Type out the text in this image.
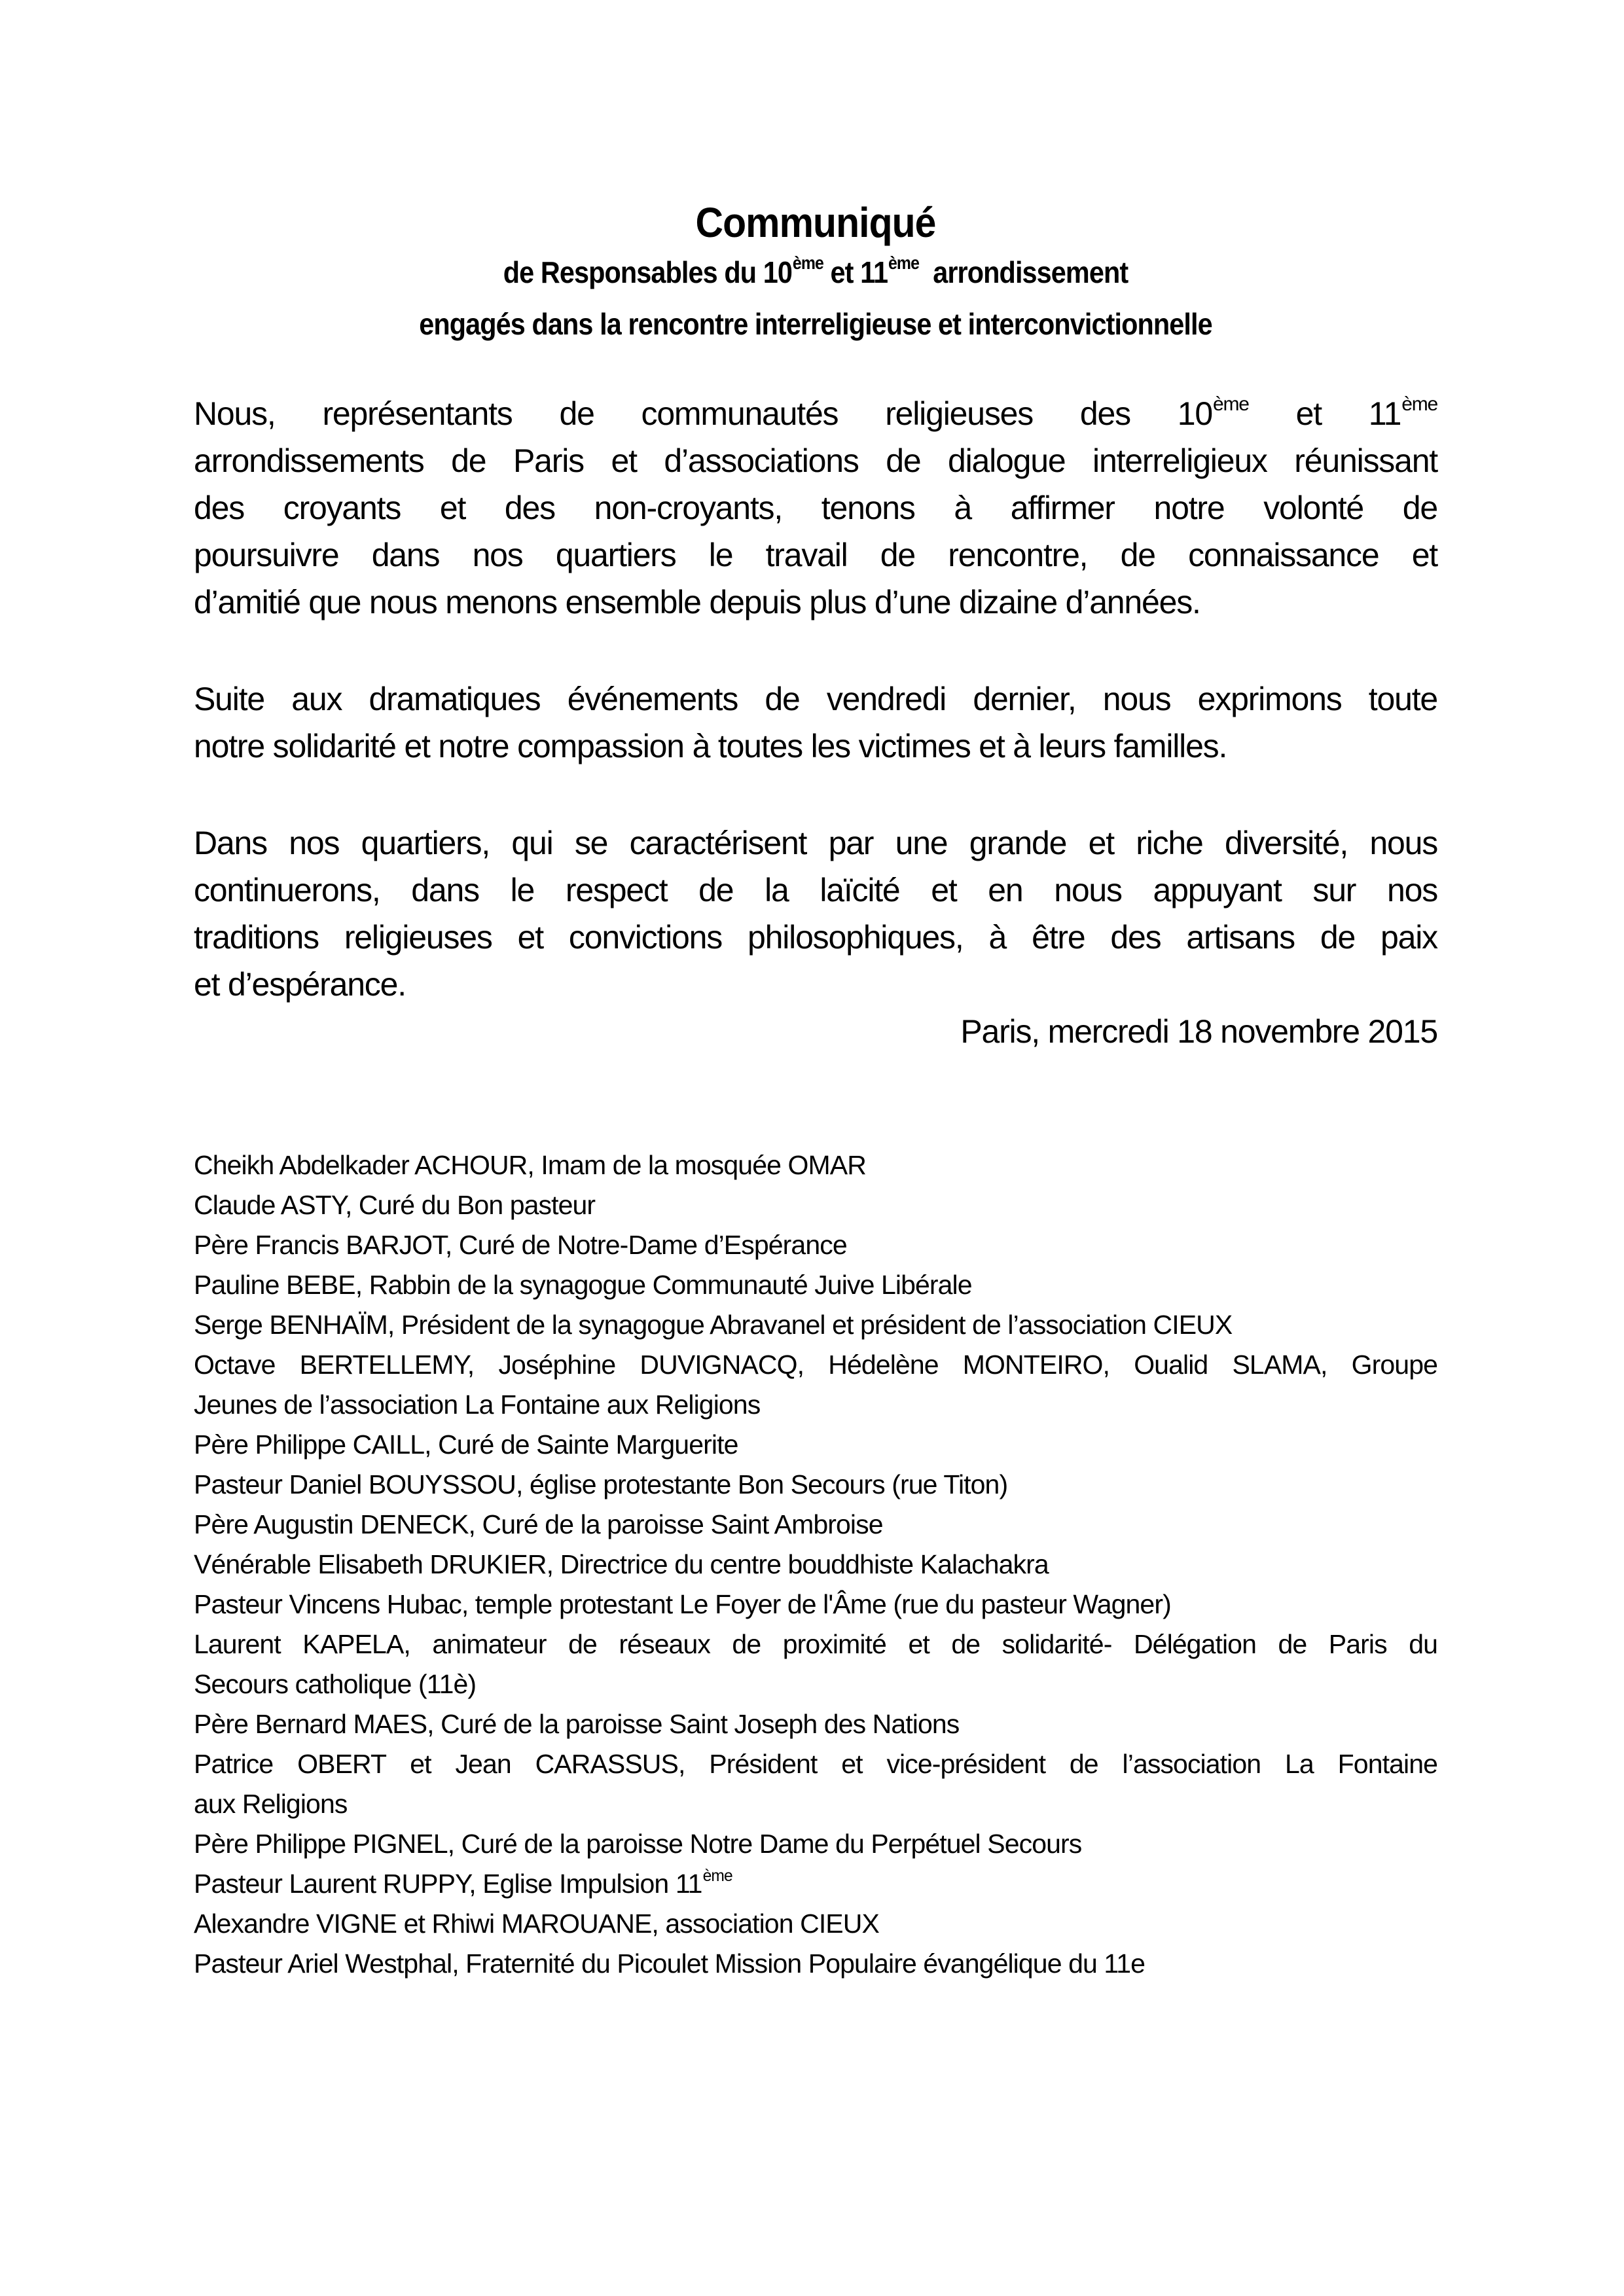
Communiqué
de Responsables du 10ème et 11ème  arrondissement
engagés dans la rencontre interreligieuse et interconvictionnelle
Nous, représentants de communautés religieuses des 10ème et 11ème
arrondissements de Paris et d’associations de dialogue interreligieux réunissant
des croyants et des non-croyants, tenons à affirmer notre volonté de
poursuivre dans nos quartiers le travail de rencontre, de connaissance et
d’amitié que nous menons ensemble depuis plus d’une dizaine d’années.
Suite aux dramatiques événements de vendredi dernier, nous exprimons toute
notre solidarité et notre compassion à toutes les victimes et à leurs familles.
Dans nos quartiers, qui se caractérisent par une grande et riche diversité, nous
continuerons, dans le respect de la laïcité et en nous appuyant sur nos
traditions religieuses et convictions philosophiques, à être des artisans de paix
et d’espérance.
Paris, mercredi 18 novembre 2015
Cheikh Abdelkader ACHOUR, Imam de la mosquée OMAR
Claude ASTY, Curé du Bon pasteur
Père Francis BARJOT, Curé de Notre-Dame d’Espérance
Pauline BEBE, Rabbin de la synagogue Communauté Juive Libérale
Serge BENHAÏM, Président de la synagogue Abravanel et président de l’association CIEUX
Octave BERTELLEMY, Joséphine DUVIGNACQ, Hédelène MONTEIRO, Oualid SLAMA, Groupe
Jeunes de l’association La Fontaine aux Religions
Père Philippe CAILL, Curé de Sainte Marguerite
Pasteur Daniel BOUYSSOU, église protestante Bon Secours (rue Titon)
Père Augustin DENECK, Curé de la paroisse Saint Ambroise
Vénérable Elisabeth DRUKIER, Directrice du centre bouddhiste Kalachakra
Pasteur Vincens Hubac, temple protestant Le Foyer de l'Âme (rue du pasteur Wagner)
Laurent KAPELA, animateur de réseaux de proximité et de solidarité- Délégation de Paris du
Secours catholique (11è)
Père Bernard MAES, Curé de la paroisse Saint Joseph des Nations
Patrice OBERT et Jean CARASSUS, Président et vice-président de l’association La Fontaine
aux Religions
Père Philippe PIGNEL, Curé de la paroisse Notre Dame du Perpétuel Secours
Pasteur Laurent RUPPY, Eglise Impulsion 11ème
Alexandre VIGNE et Rhiwi MAROUANE, association CIEUX
Pasteur Ariel Westphal, Fraternité du Picoulet Mission Populaire évangélique du 11e
